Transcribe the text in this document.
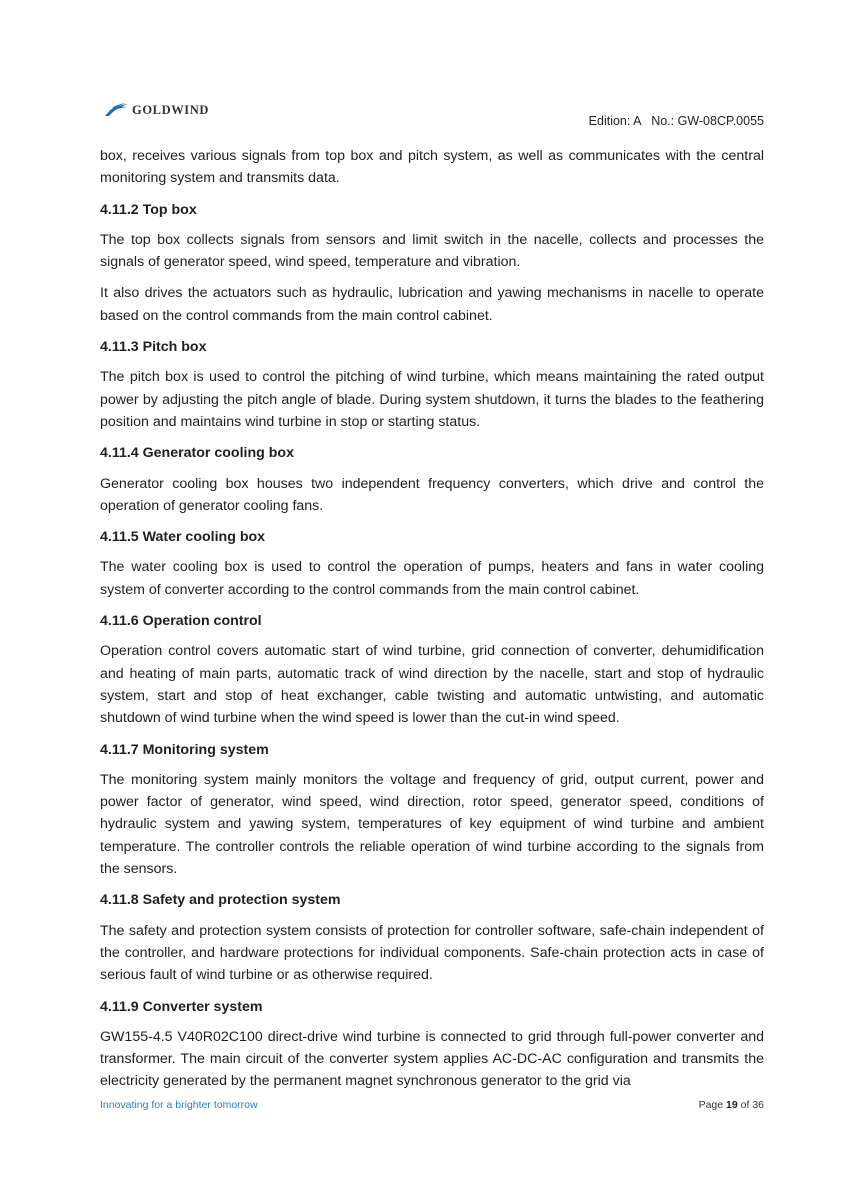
GOLDWIND
Edition: A   No.: GW-08CP.0055

box, receives various signals from top box and pitch system, as well as communicates with the central monitoring system and transmits data.

4.11.2 Top box

The top box collects signals from sensors and limit switch in the nacelle, collects and processes the signals of generator speed, wind speed, temperature and vibration.

It also drives the actuators such as hydraulic, lubrication and yawing mechanisms in nacelle to operate based on the control commands from the main control cabinet.

4.11.3 Pitch box

The pitch box is used to control the pitching of wind turbine, which means maintaining the rated output power by adjusting the pitch angle of blade. During system shutdown, it turns the blades to the feathering position and maintains wind turbine in stop or starting status.

4.11.4 Generator cooling box

Generator cooling box houses two independent frequency converters, which drive and control the operation of generator cooling fans.

4.11.5 Water cooling box

The water cooling box is used to control the operation of pumps, heaters and fans in water cooling system of converter according to the control commands from the main control cabinet.

4.11.6 Operation control

Operation control covers automatic start of wind turbine, grid connection of converter, dehumidification and heating of main parts, automatic track of wind direction by the nacelle, start and stop of hydraulic system, start and stop of heat exchanger, cable twisting and automatic untwisting, and automatic shutdown of wind turbine when the wind speed is lower than the cut-in wind speed.

4.11.7 Monitoring system

The monitoring system mainly monitors the voltage and frequency of grid, output current, power and power factor of generator, wind speed, wind direction, rotor speed, generator speed, conditions of hydraulic system and yawing system, temperatures of key equipment of wind turbine and ambient temperature. The controller controls the reliable operation of wind turbine according to the signals from the sensors.

4.11.8 Safety and protection system

The safety and protection system consists of protection for controller software, safe-chain independent of the controller, and hardware protections for individual components. Safe-chain protection acts in case of serious fault of wind turbine or as otherwise required.

4.11.9 Converter system

GW155-4.5 V40R02C100 direct-drive wind turbine is connected to grid through full-power converter and transformer. The main circuit of the converter system applies AC-DC-AC configuration and transmits the electricity generated by the permanent magnet synchronous generator to the grid via

Innovating for a brighter tomorrow	Page 19 of 36
